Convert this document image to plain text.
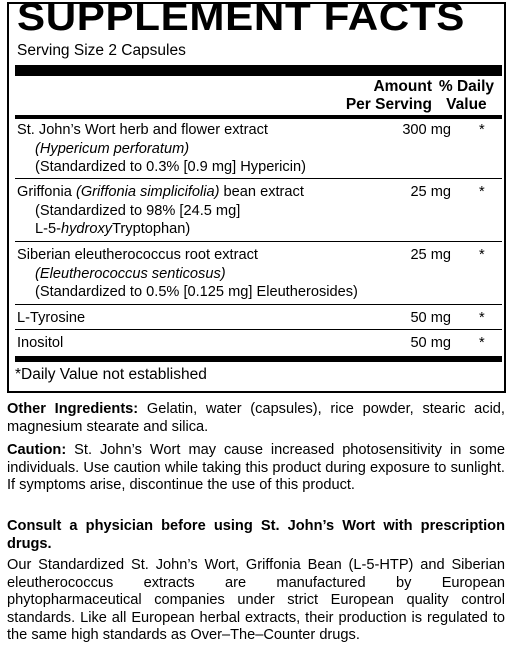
SUPPLEMENT FACTS
Serving Size 2 Capsules
Amount
Per Serving
% Daily
Value
St. John’s Wort herb and flower extract
(Hypericum perforatum)
(Standardized to 0.3% [0.9 mg] Hypericin)
300 mg *
Griffonia (Griffonia simplicifolia) bean extract
(Standardized to 98% [24.5 mg]
L-5-hydroxyTryptophan)
25 mg *
Siberian eleutherococcus root extract
(Eleutherococcus senticosus)
(Standardized to 0.5% [0.125 mg] Eleutherosides)
25 mg *
L-Tyrosine	50 mg *
Inositol	50 mg *
*Daily Value not established
Other Ingredients: Gelatin, water (capsules), rice powder, stearic acid, magnesium stearate and silica.
Caution: St. John’s Wort may cause increased photosensitivity in some individuals. Use caution while taking this product during exposure to sunlight. If symptoms arise, discontinue the use of this product.
Consult a physician before using St. John’s Wort with prescription drugs.
Our Standardized St. John’s Wort, Griffonia Bean (L-5-HTP) and Siberian eleutherococcus extracts are manufactured by European phytopharmaceutical companies under strict European quality control standards. Like all European herbal extracts, their production is regulated to the same high standards as Over–The–Counter drugs.
